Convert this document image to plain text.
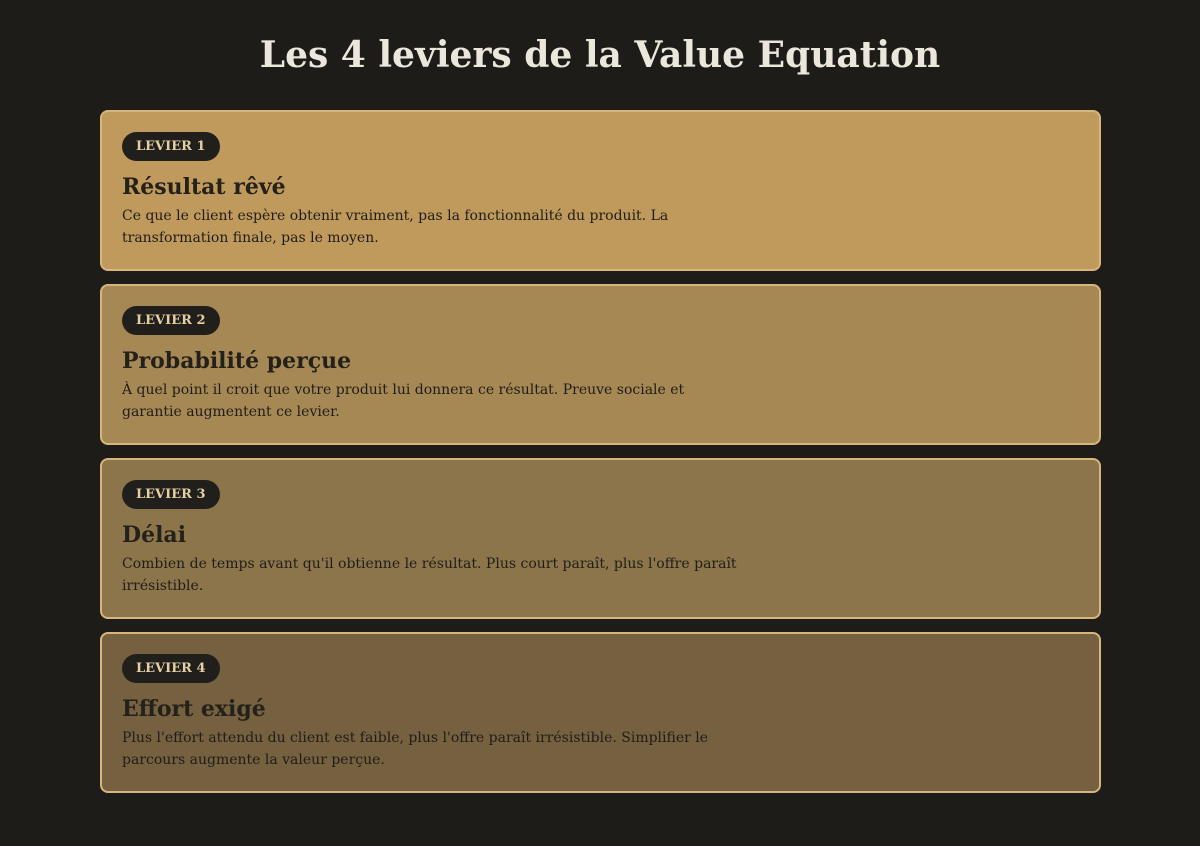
Les 4 leviers de la Value Equation
LEVIER 1
Résultat rêvé

Ce que le client espère obtenir vraiment, pas la fonctionnalité du produit. La transformation finale, pas le moyen.

LEVIER 2
Probabilité perçue

À quel point il croit que votre produit lui donnera ce résultat. Preuve sociale et garantie augmentent ce levier.

LEVIER 3
Délai

Combien de temps avant qu'il obtienne le résultat. Plus court paraît, plus l'offre paraît irrésistible.

LEVIER 4
Effort exigé

Plus l'effort attendu du client est faible, plus l'offre paraît irrésistible. Simplifier le parcours augmente la valeur perçue.
